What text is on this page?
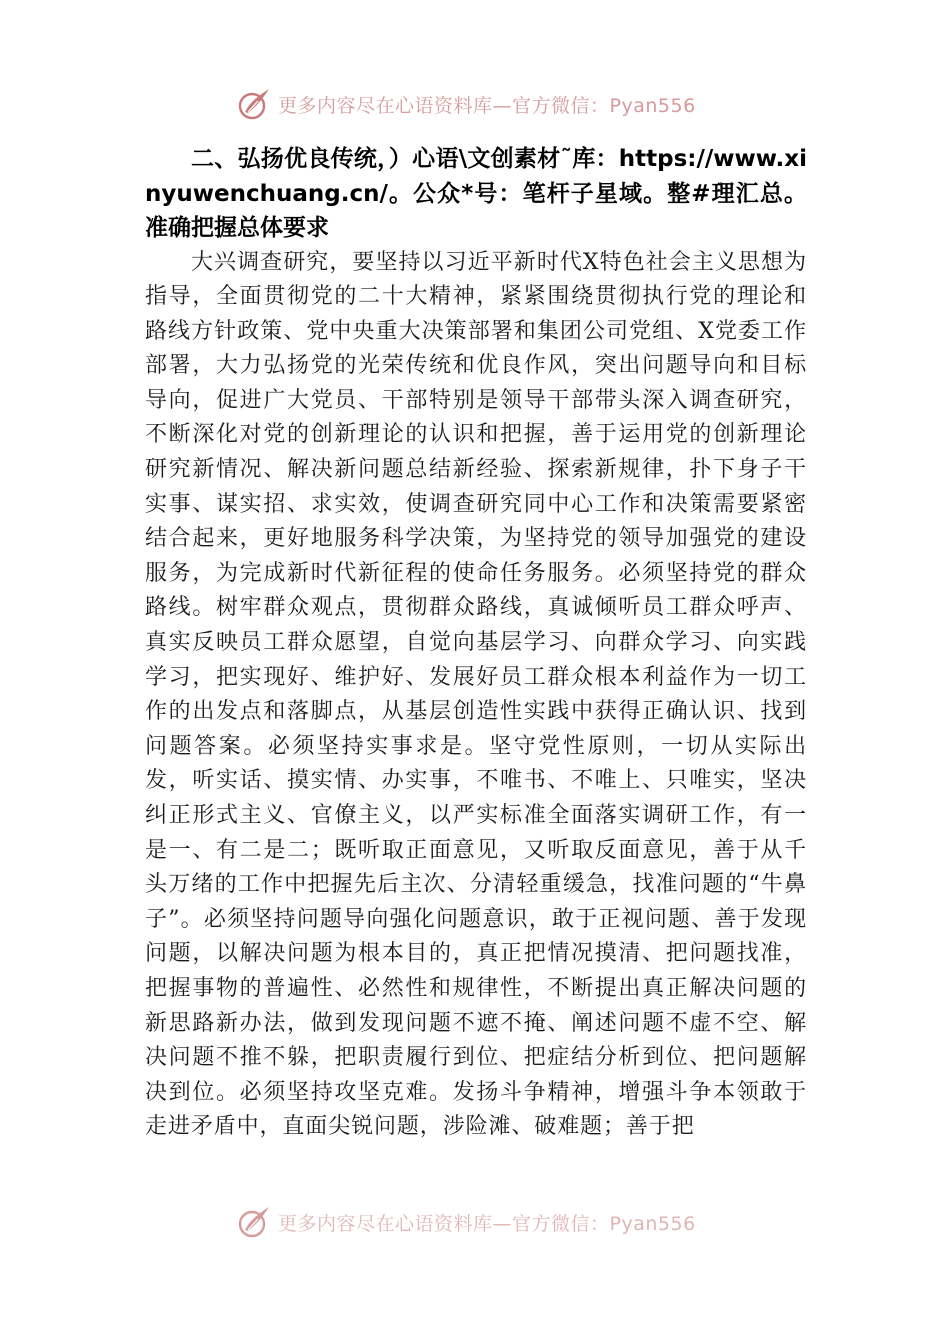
更多内容尽在心语资料库—官方微信：Pyan556

二、弘扬优良传统，）心语\文创素材˜库：https://www.xinyuwenchuang.cn/。公众*号：笔杆子星域。整#理汇总。准确把握总体要求

大兴调查研究，要坚持以习近平新时代X特色社会主义思想为指导，全面贯彻党的二十大精神，紧紧围绕贯彻执行党的理论和路线方针政策、党中央重大决策部署和集团公司党组、X党委工作部署，大力弘扬党的光荣传统和优良作风，突出问题导向和目标导向，促进广大党员、干部特别是领导干部带头深入调查研究，不断深化对党的创新理论的认识和把握，善于运用党的创新理论研究新情况、解决新问题总结新经验、探索新规律，扑下身子干实事、谋实招、求实效，使调查研究同中心工作和决策需要紧密结合起来，更好地服务科学决策，为坚持党的领导加强党的建设服务，为完成新时代新征程的使命任务服务。必须坚持党的群众路线。树牢群众观点，贯彻群众路线，真诚倾听员工群众呼声、真实反映员工群众愿望，自觉向基层学习、向群众学习、向实践学习，把实现好、维护好、发展好员工群众根本利益作为一切工作的出发点和落脚点，从基层创造性实践中获得正确认识、找到问题答案。必须坚持实事求是。坚守党性原则，一切从实际出发，听实话、摸实情、办实事，不唯书、不唯上、只唯实，坚决纠正形式主义、官僚主义，以严实标准全面落实调研工作，有一是一、有二是二；既听取正面意见，又听取反面意见，善于从千头万绪的工作中把握先后主次、分清轻重缓急，找准问题的“牛鼻子”。必须坚持问题导向强化问题意识，敢于正视问题、善于发现问题，以解决问题为根本目的，真正把情况摸清、把问题找准，把握事物的普遍性、必然性和规律性，不断提出真正解决问题的新思路新办法，做到发现问题不遮不掩、阐述问题不虚不空、解决问题不推不躲，把职责履行到位、把症结分析到位、把问题解决到位。必须坚持攻坚克难。发扬斗争精神，增强斗争本领敢于走进矛盾中，直面尖锐问题，涉险滩、破难题；善于把

更多内容尽在心语资料库—官方微信：Pyan556
